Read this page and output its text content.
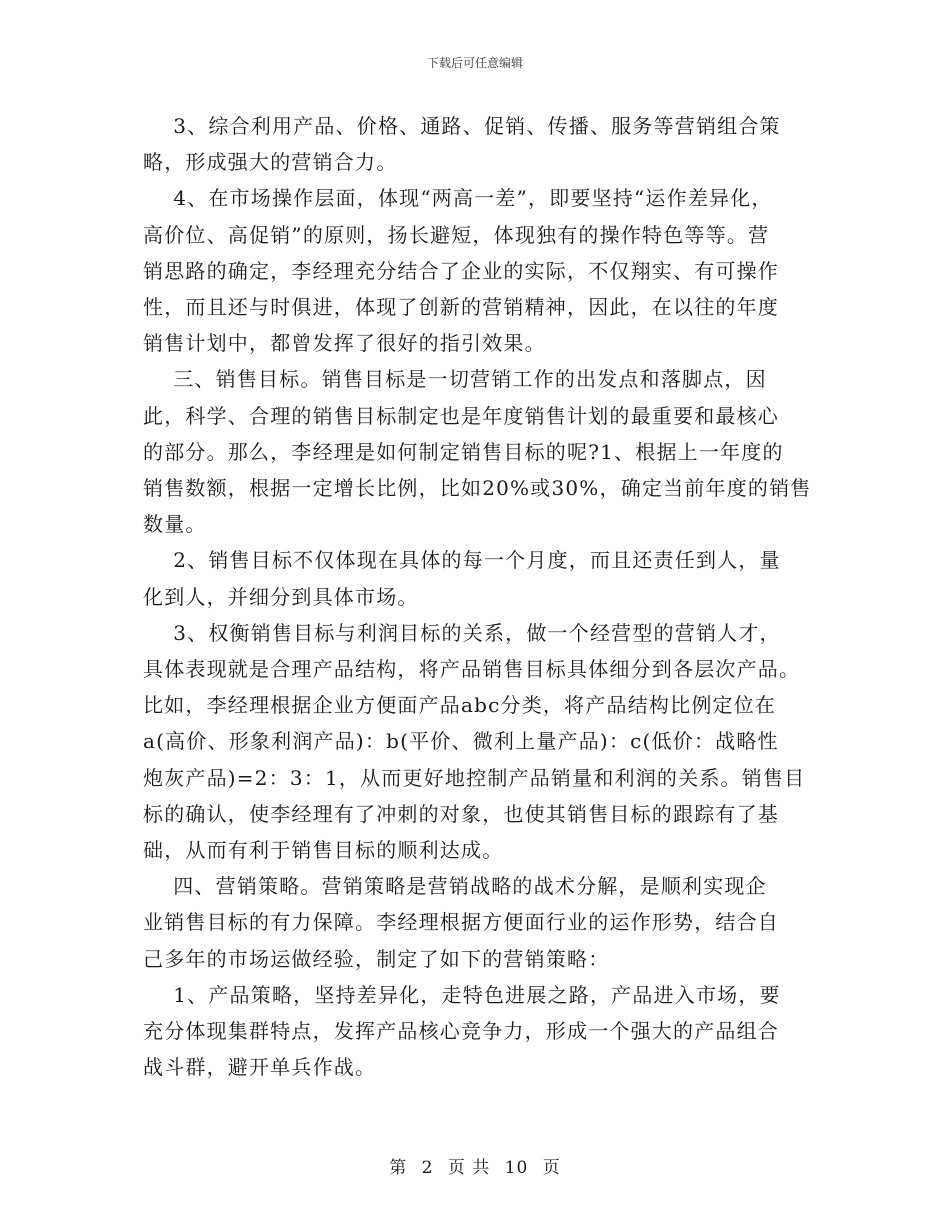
下载后可任意编辑

3、综合利用产品、价格、通路、促销、传播、服务等营销组合策
略，形成强大的营销合力。

4、在市场操作层面，体现“两高一差”，即要坚持“运作差异化，
高价位、高促销”的原则，扬长避短，体现独有的操作特色等等。营
销思路的确定，李经理充分结合了企业的实际，不仅翔实、有可操作
性，而且还与时俱进，体现了创新的营销精神，因此，在以往的年度
销售计划中，都曾发挥了很好的指引效果。

三、销售目标。销售目标是一切营销工作的出发点和落脚点，因
此，科学、合理的销售目标制定也是年度销售计划的最重要和最核心
的部分。那么，李经理是如何制定销售目标的呢?1、根据上一年度的
销售数额，根据一定增长比例，比如20%或30%，确定当前年度的销售
数量。

2、销售目标不仅体现在具体的每一个月度，而且还责任到人，量
化到人，并细分到具体市场。

3、权衡销售目标与利润目标的关系，做一个经营型的营销人才，
具体表现就是合理产品结构，将产品销售目标具体细分到各层次产品。
比如，李经理根据企业方便面产品abc分类，将产品结构比例定位在
a(高价、形象利润产品)：b(平价、微利上量产品)：c(低价：战略性
炮灰产品)=2：3：1，从而更好地控制产品销量和利润的关系。销售目
标的确认，使李经理有了冲刺的对象，也使其销售目标的跟踪有了基
础，从而有利于销售目标的顺利达成。

四、营销策略。营销策略是营销战略的战术分解，是顺利实现企
业销售目标的有力保障。李经理根据方便面行业的运作形势，结合自
己多年的市场运做经验，制定了如下的营销策略：

1、产品策略，坚持差异化，走特色进展之路，产品进入市场，要
充分体现集群特点，发挥产品核心竞争力，形成一个强大的产品组合
战斗群，避开单兵作战。

第 2 页 共 10 页
